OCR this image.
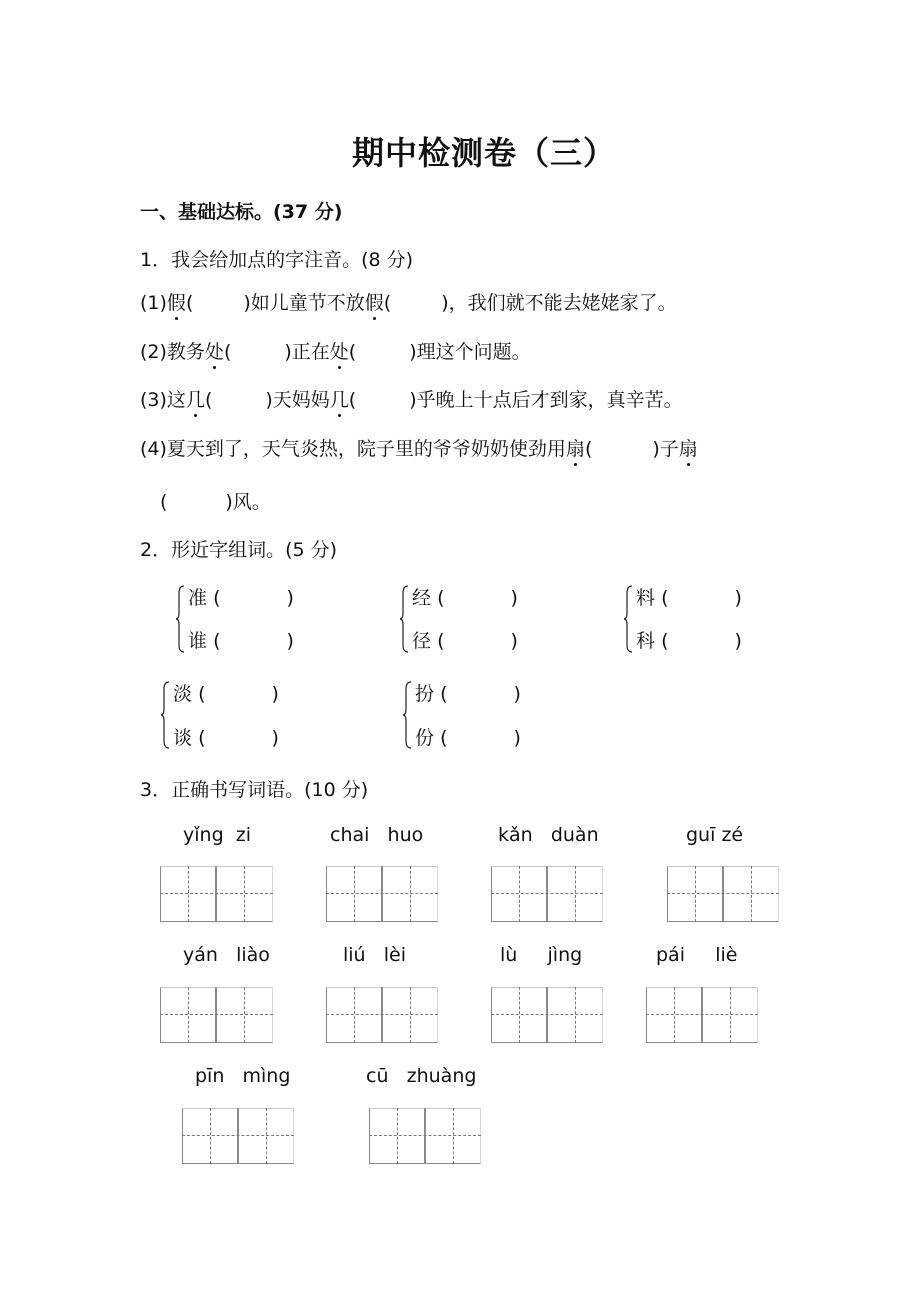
期中检测卷（三）
一、基础达标。(37 分)
1．我会给加点的字注音。(8 分)
(1)假(	)如儿童节不放假(	)，我们就不能去姥姥家了。
(2)教务处(	)正在处(	)理这个问题。
(3)这几(	)天妈妈几(	)乎晚上十点后才到家，真辛苦。
(4)夏天到了，天气炎热，院子里的爷爷奶奶使劲用扇(	)子扇
(	)风。
2．形近字组词。(5 分)
准 (	)
谁 (	)
经 (	)
径 (	)
料 (	)
科 (	)
淡 (	)
谈 (	)
扮 (	)
份 (	)
3．正确书写词语。(10 分)
yǐng zi	chai huo	kǎn duàn	guī zé
yán liào	liú lèi	lù jìng	pái liè
pīn mìng	cū zhuàng
